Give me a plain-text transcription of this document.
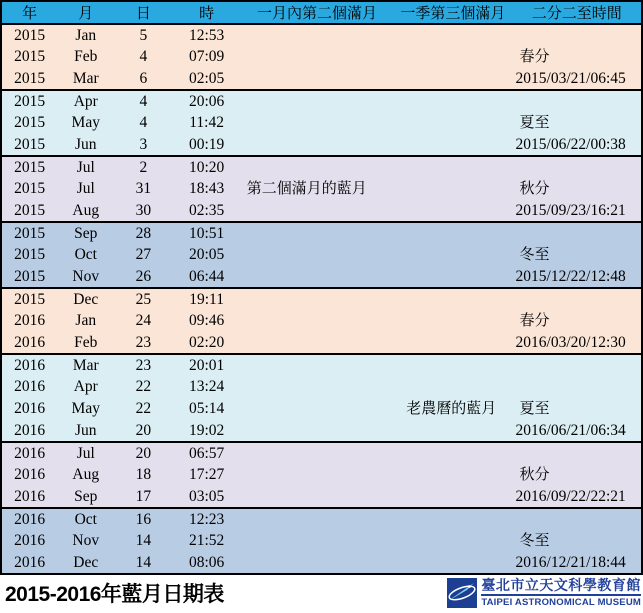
年	月	日	時	一月內第二個滿月	一季第三個滿月	二分二至時間
2015	Jan	5	12:53			
2015	Feb	4	07:09			春分
2015	Mar	6	02:05			2015/03/21/06:45
2015	Apr	4	20:06			
2015	May	4	11:42			夏至
2015	Jun	3	00:19			2015/06/22/00:38
2015	Jul	2	10:20			
2015	Jul	31	18:43	第二個滿月的藍月		秋分
2015	Aug	30	02:35			2015/09/23/16:21
2015	Sep	28	10:51			
2015	Oct	27	20:05			冬至
2015	Nov	26	06:44			2015/12/22/12:48
2015	Dec	25	19:11			
2016	Jan	24	09:46			春分
2016	Feb	23	02:20			2016/03/20/12:30
2016	Mar	23	20:01			
2016	Apr	22	13:24			
2016	May	22	05:14		老農曆的藍月	夏至
2016	Jun	20	19:02			2016/06/21/06:34
2016	Jul	20	06:57			
2016	Aug	18	17:27			秋分
2016	Sep	17	03:05			2016/09/22/22:21
2016	Oct	16	12:23			
2016	Nov	14	21:52			冬至
2016	Dec	14	08:06			2016/12/21/18:44
2015-2016年藍月日期表	臺北市立天文科學教育館
TAIPEI ASTRONOMICAL MUSEUM
